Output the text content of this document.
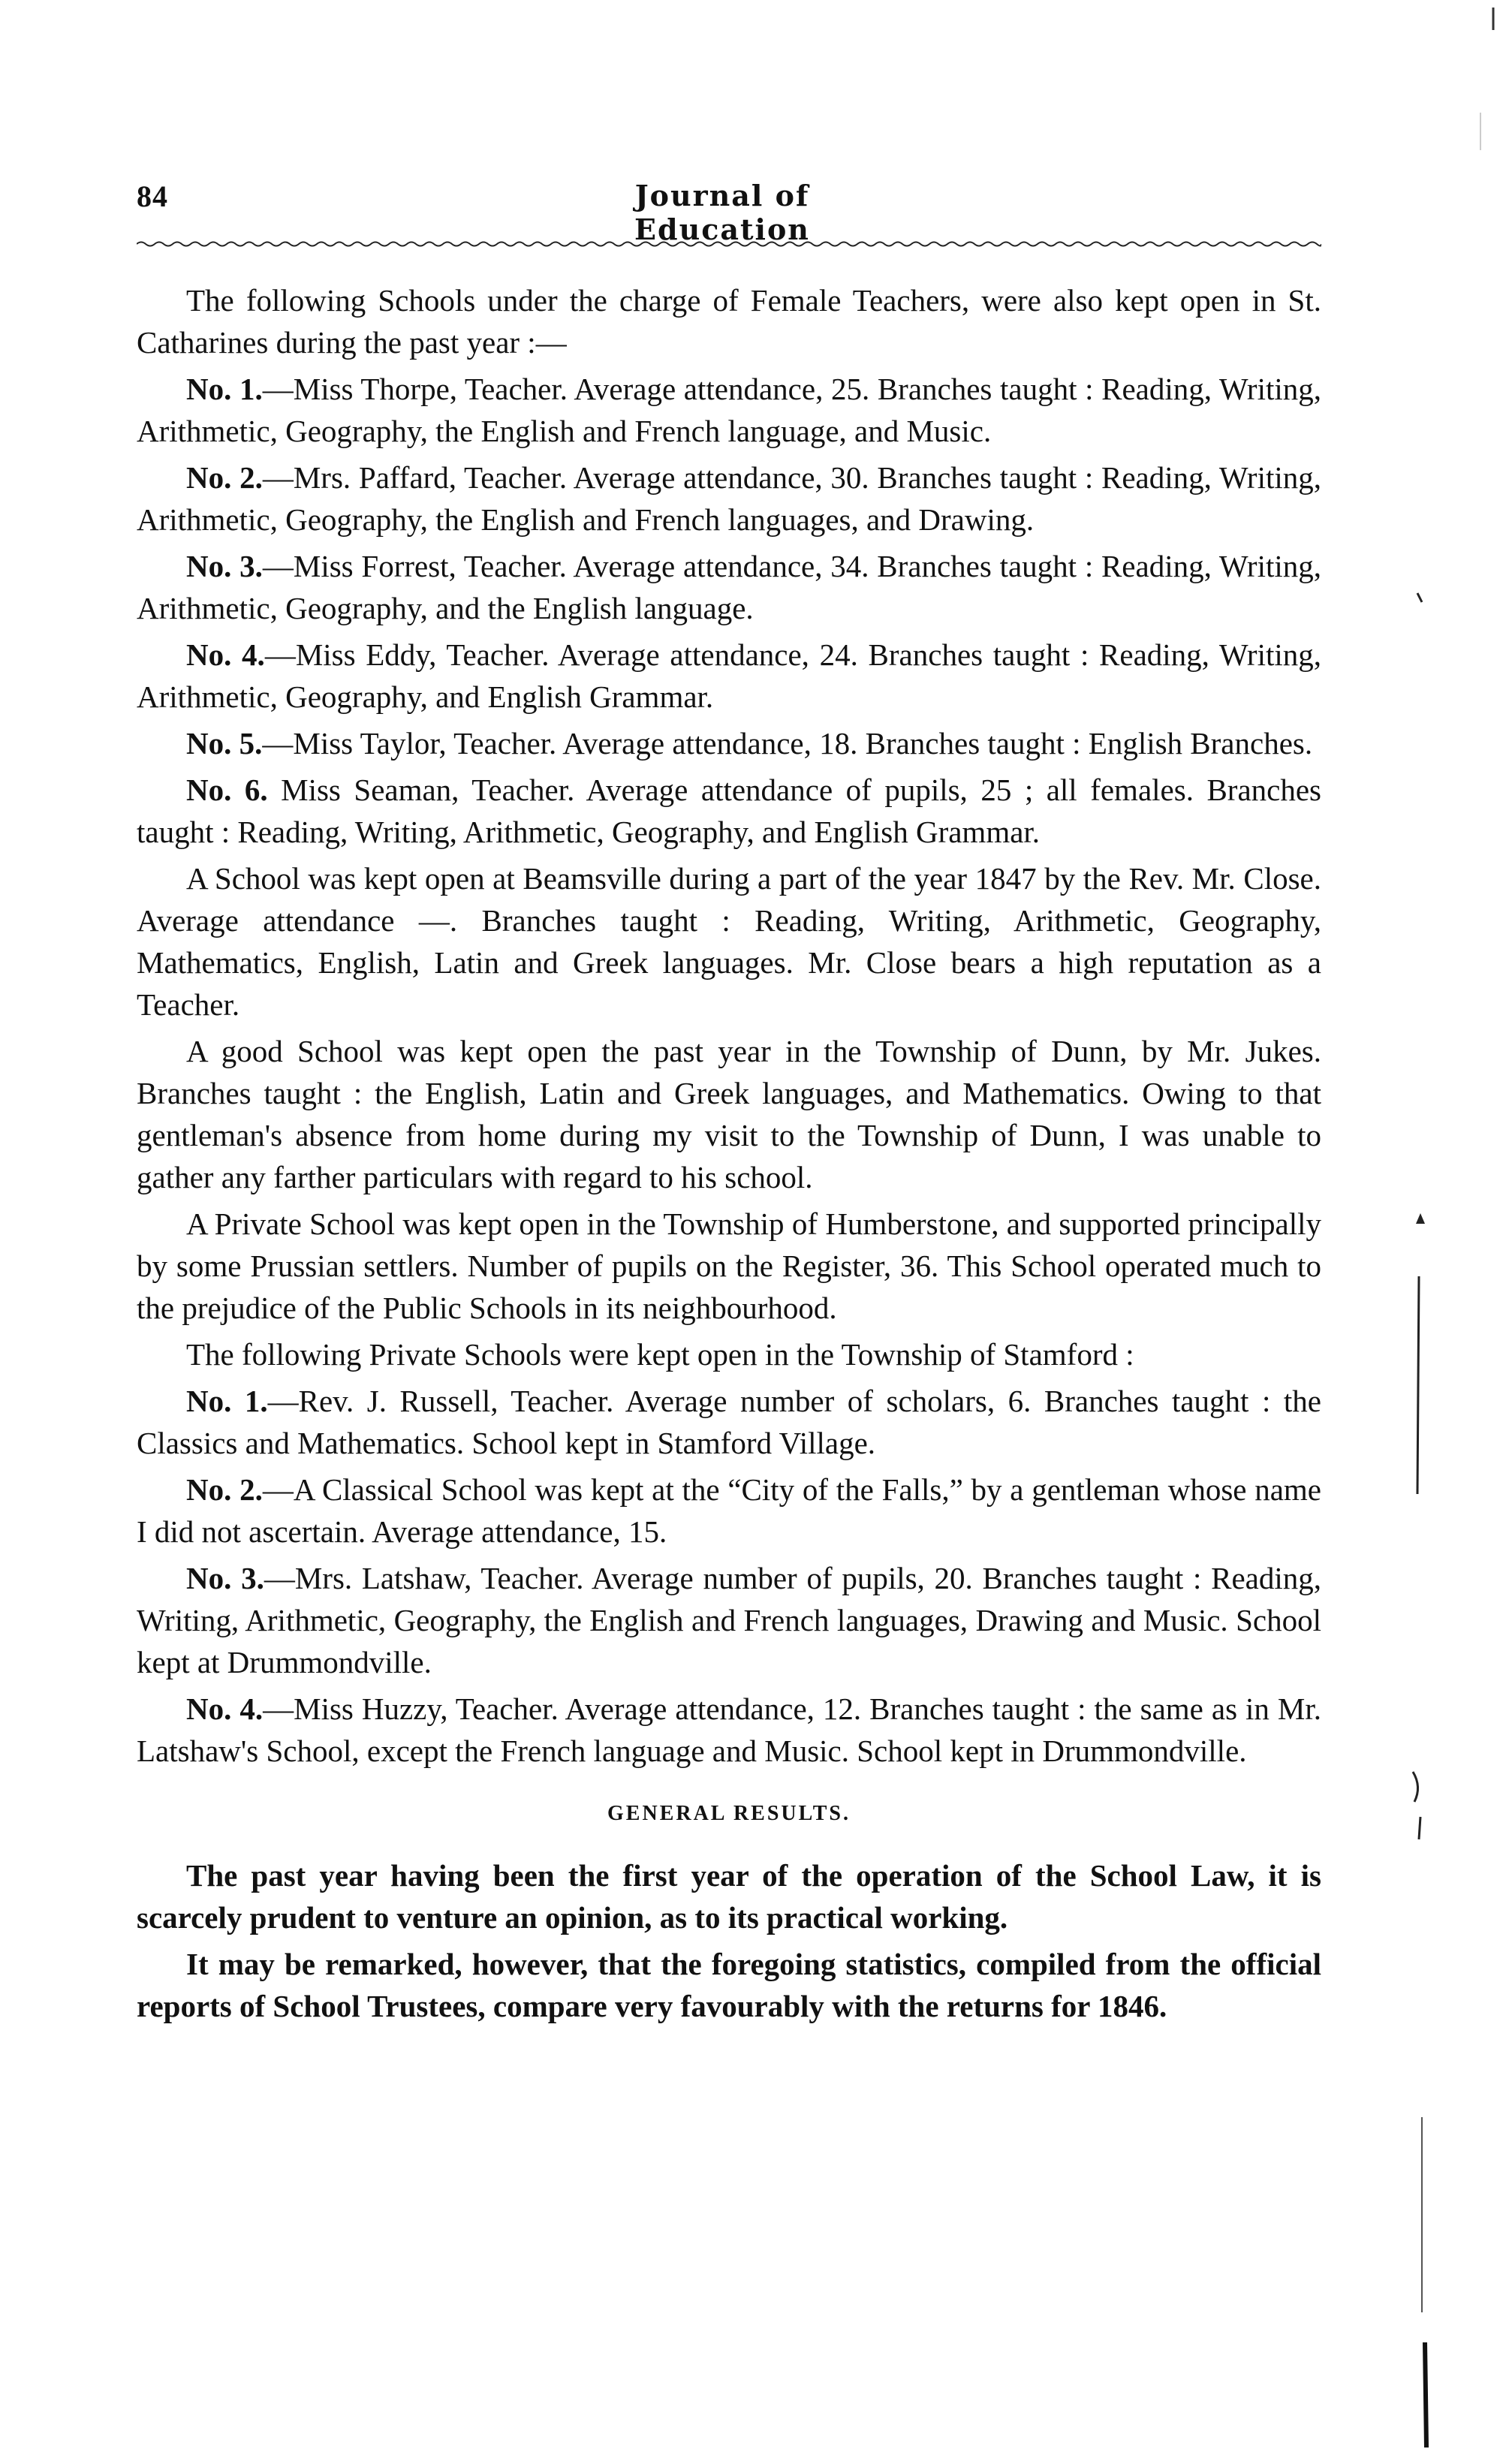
84	Journal of Education

The following Schools under the charge of Female Teachers, were also kept open in St. Catharines during the past year :—

No. 1.—Miss Thorpe, Teacher. Average attendance, 25. Branches taught : Reading, Writing, Arithmetic, Geography, the English and French language, and Music.

No. 2.—Mrs. Paffard, Teacher. Average attendance, 30. Branches taught : Reading, Writing, Arithmetic, Geography, the English and French languages, and Drawing.

No. 3.—Miss Forrest, Teacher. Average attendance, 34. Branches taught : Reading, Writing, Arithmetic, Geography, and the English language.

No. 4.—Miss Eddy, Teacher. Average attendance, 24. Branches taught : Reading, Writing, Arithmetic, Geography, and English Grammar.

No. 5.—Miss Taylor, Teacher. Average attendance, 18. Branches taught : English Branches.

No. 6. Miss Seaman, Teacher. Average attendance of pupils, 25 ; all females. Branches taught : Reading, Writing, Arithmetic, Geography, and English Grammar.

A School was kept open at Beamsville during a part of the year 1847 by the Rev. Mr. Close. Average attendance —. Branches taught : Reading, Writing, Arithmetic, Geography, Mathematics, English, Latin and Greek languages. Mr. Close bears a high reputation as a Teacher.

A good School was kept open the past year in the Township of Dunn, by Mr. Jukes. Branches taught : the English, Latin and Greek languages, and Mathematics. Owing to that gentleman's absence from home during my visit to the Township of Dunn, I was unable to gather any farther particulars with regard to his school.

A Private School was kept open in the Township of Humberstone, and supported principally by some Prussian settlers. Number of pupils on the Register, 36. This School operated much to the prejudice of the Public Schools in its neighbourhood.

The following Private Schools were kept open in the Township of Stamford :

No. 1.—Rev. J. Russell, Teacher. Average number of scholars, 6. Branches taught : the Classics and Mathematics. School kept in Stamford Village.

No. 2.—A Classical School was kept at the “City of the Falls,” by a gentleman whose name I did not ascertain. Average attendance, 15.

No. 3.—Mrs. Latshaw, Teacher. Average number of pupils, 20. Branches taught : Reading, Writing, Arithmetic, Geography, the English and French languages, Drawing and Music. School kept at Drummondville.

No. 4.—Miss Huzzy, Teacher. Average attendance, 12. Branches taught : the same as in Mr. Latshaw's School, except the French language and Music. School kept in Drummondville.

GENERAL RESULTS.

The past year having been the first year of the operation of the School Law, it is scarcely prudent to venture an opinion, as to its practical working.

It may be remarked, however, that the foregoing statistics, compiled from the official reports of School Trustees, compare very favourably with the returns for 1846.
